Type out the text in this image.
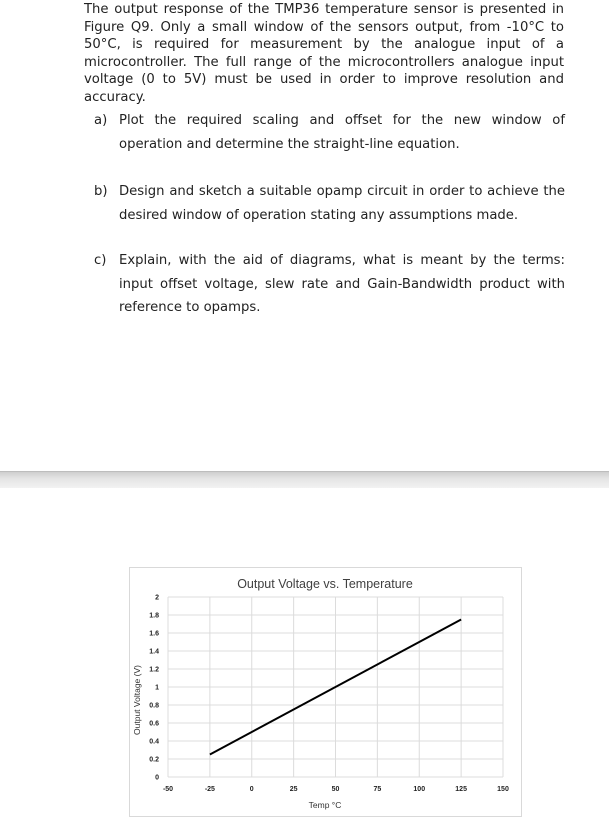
The output response of the TMP36 temperature sensor is presented in Figure Q9. Only a small window of the sensors output, from -10°C to 50°C, is required for measurement by the analogue input of a microcontroller. The full range of the microcontrollers analogue input voltage (0 to 5V) must be used in order to improve resolution and accuracy.
a) Plot the required scaling and offset for the new window of operation and determine the straight-line equation.
b) Design and sketch a suitable opamp circuit in order to achieve the desired window of operation stating any assumptions made.
c) Explain, with the aid of diagrams, what is meant by the terms: input offset voltage, slew rate and Gain-Bandwidth product with reference to opamps.
Output Voltage vs. Temperature
Temp °C
Output Voltage (V)
0
0.2
0.4
0.6
0.8
1
1.2
1.4
1.6
1.8
2
-50	-25	0	25	50	75	100	125	150
